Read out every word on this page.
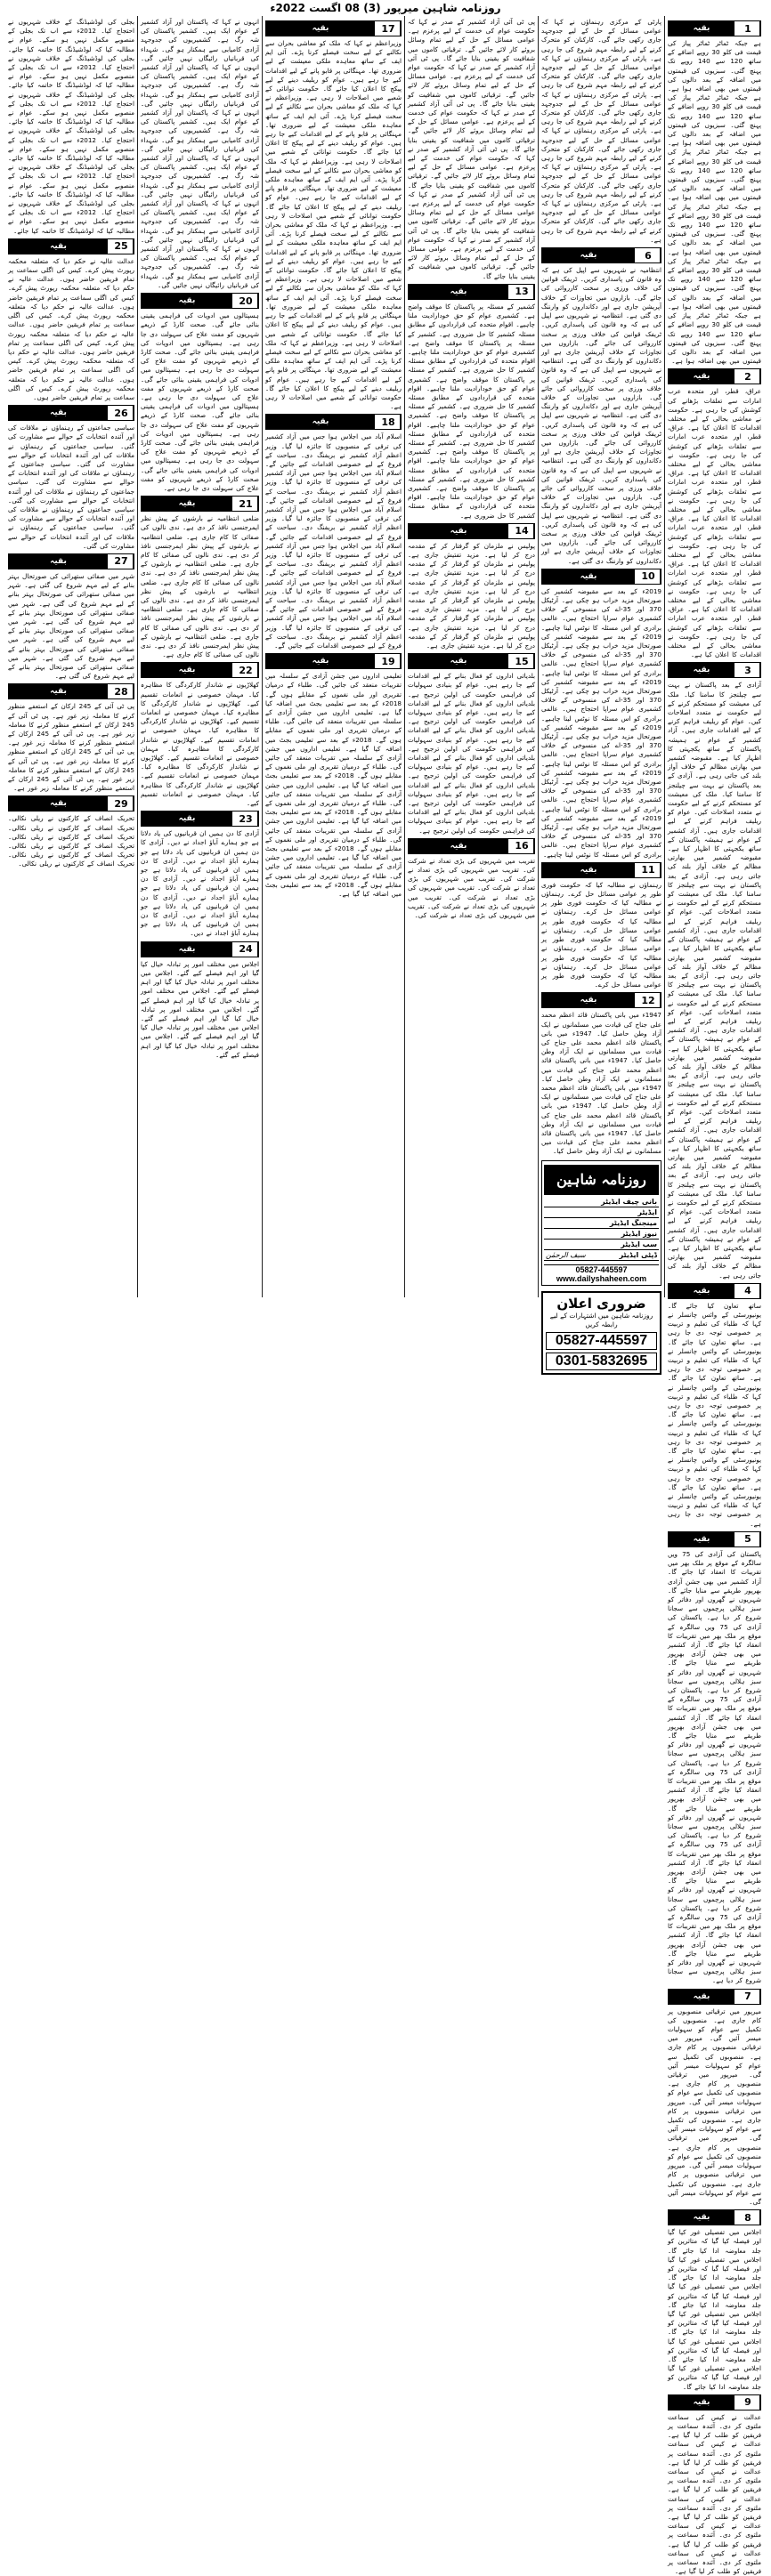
روزنامہ شاہین میرپور (3) 08 اگست 2022ء
1
بقیہ
ہے جبکہ ٹماٹر ٹماٹر پیاز کی قیمت فی کلو 30 روپے اضافے کے ساتھ 120 سے 140 روپے تک پہنچ گئی۔ سبزیوں کی قیمتوں میں اضافہ کے بعد دالوں کی قیمتوں میں بھی اضافہ ہوا ہے۔ ہے جبکہ ٹماٹر ٹماٹر پیاز کی قیمت فی کلو 30 روپے اضافے کے ساتھ 120 سے 140 روپے تک پہنچ گئی۔ سبزیوں کی قیمتوں میں اضافہ کے بعد دالوں کی قیمتوں میں بھی اضافہ ہوا ہے۔ ہے جبکہ ٹماٹر ٹماٹر پیاز کی قیمت فی کلو 30 روپے اضافے کے ساتھ 120 سے 140 روپے تک پہنچ گئی۔ سبزیوں کی قیمتوں میں اضافہ کے بعد دالوں کی قیمتوں میں بھی اضافہ ہوا ہے۔ ہے جبکہ ٹماٹر ٹماٹر پیاز کی قیمت فی کلو 30 روپے اضافے کے ساتھ 120 سے 140 روپے تک پہنچ گئی۔ سبزیوں کی قیمتوں میں اضافہ کے بعد دالوں کی قیمتوں میں بھی اضافہ ہوا ہے۔ ہے جبکہ ٹماٹر ٹماٹر پیاز کی قیمت فی کلو 30 روپے اضافے کے ساتھ 120 سے 140 روپے تک پہنچ گئی۔ سبزیوں کی قیمتوں میں اضافہ کے بعد دالوں کی قیمتوں میں بھی اضافہ ہوا ہے۔ ہے جبکہ ٹماٹر ٹماٹر پیاز کی قیمت فی کلو 30 روپے اضافے کے ساتھ 120 سے 140 روپے تک پہنچ گئی۔ سبزیوں کی قیمتوں میں اضافہ کے بعد دالوں کی قیمتوں میں بھی اضافہ ہوا ہے۔
2
بقیہ
عراق، قطر، اور متحدہ عرب امارات سے تعلقات بڑھانے کی کوشش کی جا رہی ہے۔ حکومت نے معاشی بحالی کے لیے مختلف اقدامات کا اعلان کیا ہے۔ عراق، قطر، اور متحدہ عرب امارات سے تعلقات بڑھانے کی کوشش کی جا رہی ہے۔ حکومت نے معاشی بحالی کے لیے مختلف اقدامات کا اعلان کیا ہے۔ عراق، قطر، اور متحدہ عرب امارات سے تعلقات بڑھانے کی کوشش کی جا رہی ہے۔ حکومت نے معاشی بحالی کے لیے مختلف اقدامات کا اعلان کیا ہے۔ عراق، قطر، اور متحدہ عرب امارات سے تعلقات بڑھانے کی کوشش کی جا رہی ہے۔ حکومت نے معاشی بحالی کے لیے مختلف اقدامات کا اعلان کیا ہے۔ عراق، قطر، اور متحدہ عرب امارات سے تعلقات بڑھانے کی کوشش کی جا رہی ہے۔ حکومت نے معاشی بحالی کے لیے مختلف اقدامات کا اعلان کیا ہے۔ عراق، قطر، اور متحدہ عرب امارات سے تعلقات بڑھانے کی کوشش کی جا رہی ہے۔ حکومت نے معاشی بحالی کے لیے مختلف اقدامات کا اعلان کیا ہے۔
3
بقیہ
آزادی کے بعد پاکستان نے بہت سے چیلنجز کا سامنا کیا۔ ملک کی معیشت کو مستحکم کرنے کے لیے حکومت نے متعدد اصلاحات کیں۔ عوام کو ریلیف فراہم کرنے کے لیے اقدامات جاری ہیں۔ آزاد کشمیر کے عوام نے ہمیشہ پاکستان کے ساتھ یکجہتی کا اظہار کیا ہے۔ مقبوضہ کشمیر میں بھارتی مظالم کے خلاف آواز بلند کی جاتی رہی ہے۔ آزادی کے بعد پاکستان نے بہت سے چیلنجز کا سامنا کیا۔ ملک کی معیشت کو مستحکم کرنے کے لیے حکومت نے متعدد اصلاحات کیں۔ عوام کو ریلیف فراہم کرنے کے لیے اقدامات جاری ہیں۔ آزاد کشمیر کے عوام نے ہمیشہ پاکستان کے ساتھ یکجہتی کا اظہار کیا ہے۔ مقبوضہ کشمیر میں بھارتی مظالم کے خلاف آواز بلند کی جاتی رہی ہے۔ آزادی کے بعد پاکستان نے بہت سے چیلنجز کا سامنا کیا۔ ملک کی معیشت کو مستحکم کرنے کے لیے حکومت نے متعدد اصلاحات کیں۔ عوام کو ریلیف فراہم کرنے کے لیے اقدامات جاری ہیں۔ آزاد کشمیر کے عوام نے ہمیشہ پاکستان کے ساتھ یکجہتی کا اظہار کیا ہے۔ مقبوضہ کشمیر میں بھارتی مظالم کے خلاف آواز بلند کی جاتی رہی ہے۔ آزادی کے بعد پاکستان نے بہت سے چیلنجز کا سامنا کیا۔ ملک کی معیشت کو مستحکم کرنے کے لیے حکومت نے متعدد اصلاحات کیں۔ عوام کو ریلیف فراہم کرنے کے لیے اقدامات جاری ہیں۔ آزاد کشمیر کے عوام نے ہمیشہ پاکستان کے ساتھ یکجہتی کا اظہار کیا ہے۔ مقبوضہ کشمیر میں بھارتی مظالم کے خلاف آواز بلند کی جاتی رہی ہے۔ آزادی کے بعد پاکستان نے بہت سے چیلنجز کا سامنا کیا۔ ملک کی معیشت کو مستحکم کرنے کے لیے حکومت نے متعدد اصلاحات کیں۔ عوام کو ریلیف فراہم کرنے کے لیے اقدامات جاری ہیں۔ آزاد کشمیر کے عوام نے ہمیشہ پاکستان کے ساتھ یکجہتی کا اظہار کیا ہے۔ مقبوضہ کشمیر میں بھارتی مظالم کے خلاف آواز بلند کی جاتی رہی ہے۔ آزادی کے بعد پاکستان نے بہت سے چیلنجز کا سامنا کیا۔ ملک کی معیشت کو مستحکم کرنے کے لیے حکومت نے متعدد اصلاحات کیں۔ عوام کو ریلیف فراہم کرنے کے لیے اقدامات جاری ہیں۔ آزاد کشمیر کے عوام نے ہمیشہ پاکستان کے ساتھ یکجہتی کا اظہار کیا ہے۔ مقبوضہ کشمیر میں بھارتی مظالم کے خلاف آواز بلند کی جاتی رہی ہے۔
4
بقیہ
ساتھ تعاون کیا جائے گا۔ یونیورسٹی کے وائس چانسلر نے کہا کہ طلباء کی تعلیم و تربیت پر خصوصی توجہ دی جا رہی ہے۔ ساتھ تعاون کیا جائے گا۔ یونیورسٹی کے وائس چانسلر نے کہا کہ طلباء کی تعلیم و تربیت پر خصوصی توجہ دی جا رہی ہے۔ ساتھ تعاون کیا جائے گا۔ یونیورسٹی کے وائس چانسلر نے کہا کہ طلباء کی تعلیم و تربیت پر خصوصی توجہ دی جا رہی ہے۔ ساتھ تعاون کیا جائے گا۔ یونیورسٹی کے وائس چانسلر نے کہا کہ طلباء کی تعلیم و تربیت پر خصوصی توجہ دی جا رہی ہے۔ ساتھ تعاون کیا جائے گا۔ یونیورسٹی کے وائس چانسلر نے کہا کہ طلباء کی تعلیم و تربیت پر خصوصی توجہ دی جا رہی ہے۔ ساتھ تعاون کیا جائے گا۔ یونیورسٹی کے وائس چانسلر نے کہا کہ طلباء کی تعلیم و تربیت پر خصوصی توجہ دی جا رہی ہے۔
5
بقیہ
پاکستان کی آزادی کی 75 ویں سالگرہ کے موقع پر ملک بھر میں تقریبات کا انعقاد کیا جائے گا۔ آزاد کشمیر میں بھی جشن آزادی بھرپور طریقے سے منایا جائے گا۔ شہریوں نے گھروں اور دفاتر کو سبز ہلالی پرچموں سے سجانا شروع کر دیا ہے۔ پاکستان کی آزادی کی 75 ویں سالگرہ کے موقع پر ملک بھر میں تقریبات کا انعقاد کیا جائے گا۔ آزاد کشمیر میں بھی جشن آزادی بھرپور طریقے سے منایا جائے گا۔ شہریوں نے گھروں اور دفاتر کو سبز ہلالی پرچموں سے سجانا شروع کر دیا ہے۔ پاکستان کی آزادی کی 75 ویں سالگرہ کے موقع پر ملک بھر میں تقریبات کا انعقاد کیا جائے گا۔ آزاد کشمیر میں بھی جشن آزادی بھرپور طریقے سے منایا جائے گا۔ شہریوں نے گھروں اور دفاتر کو سبز ہلالی پرچموں سے سجانا شروع کر دیا ہے۔ پاکستان کی آزادی کی 75 ویں سالگرہ کے موقع پر ملک بھر میں تقریبات کا انعقاد کیا جائے گا۔ آزاد کشمیر میں بھی جشن آزادی بھرپور طریقے سے منایا جائے گا۔ شہریوں نے گھروں اور دفاتر کو سبز ہلالی پرچموں سے سجانا شروع کر دیا ہے۔ پاکستان کی آزادی کی 75 ویں سالگرہ کے موقع پر ملک بھر میں تقریبات کا انعقاد کیا جائے گا۔ آزاد کشمیر میں بھی جشن آزادی بھرپور طریقے سے منایا جائے گا۔ شہریوں نے گھروں اور دفاتر کو سبز ہلالی پرچموں سے سجانا شروع کر دیا ہے۔ پاکستان کی آزادی کی 75 ویں سالگرہ کے موقع پر ملک بھر میں تقریبات کا انعقاد کیا جائے گا۔ آزاد کشمیر میں بھی جشن آزادی بھرپور طریقے سے منایا جائے گا۔ شہریوں نے گھروں اور دفاتر کو سبز ہلالی پرچموں سے سجانا شروع کر دیا ہے۔
7
بقیہ
میرپور میں ترقیاتی منصوبوں پر کام جاری ہے۔ منصوبوں کی تکمیل سے عوام کو سہولیات میسر آئیں گی۔ میرپور میں ترقیاتی منصوبوں پر کام جاری ہے۔ منصوبوں کی تکمیل سے عوام کو سہولیات میسر آئیں گی۔ میرپور میں ترقیاتی منصوبوں پر کام جاری ہے۔ منصوبوں کی تکمیل سے عوام کو سہولیات میسر آئیں گی۔ میرپور میں ترقیاتی منصوبوں پر کام جاری ہے۔ منصوبوں کی تکمیل سے عوام کو سہولیات میسر آئیں گی۔ میرپور میں ترقیاتی منصوبوں پر کام جاری ہے۔ منصوبوں کی تکمیل سے عوام کو سہولیات میسر آئیں گی۔ میرپور میں ترقیاتی منصوبوں پر کام جاری ہے۔ منصوبوں کی تکمیل سے عوام کو سہولیات میسر آئیں گی۔
8
بقیہ
اجلاس میں تفصیلی غور کیا گیا اور فیصلہ کیا گیا کہ متاثرین کو جلد معاوضہ ادا کیا جائے گا۔ اجلاس میں تفصیلی غور کیا گیا اور فیصلہ کیا گیا کہ متاثرین کو جلد معاوضہ ادا کیا جائے گا۔ اجلاس میں تفصیلی غور کیا گیا اور فیصلہ کیا گیا کہ متاثرین کو جلد معاوضہ ادا کیا جائے گا۔ اجلاس میں تفصیلی غور کیا گیا اور فیصلہ کیا گیا کہ متاثرین کو جلد معاوضہ ادا کیا جائے گا۔ اجلاس میں تفصیلی غور کیا گیا اور فیصلہ کیا گیا کہ متاثرین کو جلد معاوضہ ادا کیا جائے گا۔ اجلاس میں تفصیلی غور کیا گیا اور فیصلہ کیا گیا کہ متاثرین کو جلد معاوضہ ادا کیا جائے گا۔
9
بقیہ
عدالت نے کیس کی سماعت ملتوی کر دی۔ آئندہ سماعت پر فریقین کو طلب کر لیا گیا ہے۔ عدالت نے کیس کی سماعت ملتوی کر دی۔ آئندہ سماعت پر فریقین کو طلب کر لیا گیا ہے۔ عدالت نے کیس کی سماعت ملتوی کر دی۔ آئندہ سماعت پر فریقین کو طلب کر لیا گیا ہے۔ عدالت نے کیس کی سماعت ملتوی کر دی۔ آئندہ سماعت پر فریقین کو طلب کر لیا گیا ہے۔ عدالت نے کیس کی سماعت ملتوی کر دی۔ آئندہ سماعت پر فریقین کو طلب کر لیا گیا ہے۔ عدالت نے کیس کی سماعت ملتوی کر دی۔ آئندہ سماعت پر فریقین کو طلب کر لیا گیا ہے۔
پارٹی کے مرکزی رہنماؤں نے کہا کہ عوامی مسائل کے حل کے لیے جدوجہد جاری رکھی جائے گی۔ کارکنان کو متحرک کرنے کے لیے رابطہ مہم شروع کی جا رہی ہے۔ پارٹی کے مرکزی رہنماؤں نے کہا کہ عوامی مسائل کے حل کے لیے جدوجہد جاری رکھی جائے گی۔ کارکنان کو متحرک کرنے کے لیے رابطہ مہم شروع کی جا رہی ہے۔ پارٹی کے مرکزی رہنماؤں نے کہا کہ عوامی مسائل کے حل کے لیے جدوجہد جاری رکھی جائے گی۔ کارکنان کو متحرک کرنے کے لیے رابطہ مہم شروع کی جا رہی ہے۔ پارٹی کے مرکزی رہنماؤں نے کہا کہ عوامی مسائل کے حل کے لیے جدوجہد جاری رکھی جائے گی۔ کارکنان کو متحرک کرنے کے لیے رابطہ مہم شروع کی جا رہی ہے۔ پارٹی کے مرکزی رہنماؤں نے کہا کہ عوامی مسائل کے حل کے لیے جدوجہد جاری رکھی جائے گی۔ کارکنان کو متحرک کرنے کے لیے رابطہ مہم شروع کی جا رہی ہے۔ پارٹی کے مرکزی رہنماؤں نے کہا کہ عوامی مسائل کے حل کے لیے جدوجہد جاری رکھی جائے گی۔ کارکنان کو متحرک کرنے کے لیے رابطہ مہم شروع کی جا رہی ہے۔
6
بقیہ
انتظامیہ نے شہریوں سے اپیل کی ہے کہ وہ قانون کی پاسداری کریں۔ ٹریفک قوانین کی خلاف ورزی پر سخت کارروائی کی جائے گی۔ بازاروں میں تجاوزات کے خلاف آپریشن جاری ہے اور دکانداروں کو وارننگ دی گئی ہے۔ انتظامیہ نے شہریوں سے اپیل کی ہے کہ وہ قانون کی پاسداری کریں۔ ٹریفک قوانین کی خلاف ورزی پر سخت کارروائی کی جائے گی۔ بازاروں میں تجاوزات کے خلاف آپریشن جاری ہے اور دکانداروں کو وارننگ دی گئی ہے۔ انتظامیہ نے شہریوں سے اپیل کی ہے کہ وہ قانون کی پاسداری کریں۔ ٹریفک قوانین کی خلاف ورزی پر سخت کارروائی کی جائے گی۔ بازاروں میں تجاوزات کے خلاف آپریشن جاری ہے اور دکانداروں کو وارننگ دی گئی ہے۔ انتظامیہ نے شہریوں سے اپیل کی ہے کہ وہ قانون کی پاسداری کریں۔ ٹریفک قوانین کی خلاف ورزی پر سخت کارروائی کی جائے گی۔ بازاروں میں تجاوزات کے خلاف آپریشن جاری ہے اور دکانداروں کو وارننگ دی گئی ہے۔ انتظامیہ نے شہریوں سے اپیل کی ہے کہ وہ قانون کی پاسداری کریں۔ ٹریفک قوانین کی خلاف ورزی پر سخت کارروائی کی جائے گی۔ بازاروں میں تجاوزات کے خلاف آپریشن جاری ہے اور دکانداروں کو وارننگ دی گئی ہے۔ انتظامیہ نے شہریوں سے اپیل کی ہے کہ وہ قانون کی پاسداری کریں۔ ٹریفک قوانین کی خلاف ورزی پر سخت کارروائی کی جائے گی۔ بازاروں میں تجاوزات کے خلاف آپریشن جاری ہے اور دکانداروں کو وارننگ دی گئی ہے۔
10
بقیہ
2019ء کے بعد سے مقبوضہ کشمیر کی صورتحال مزید خراب ہو چکی ہے۔ آرٹیکل 370 اور 35-اے کی منسوخی کے خلاف کشمیری عوام سراپا احتجاج ہیں۔ عالمی برادری کو اس مسئلہ کا نوٹس لینا چاہیے۔ 2019ء کے بعد سے مقبوضہ کشمیر کی صورتحال مزید خراب ہو چکی ہے۔ آرٹیکل 370 اور 35-اے کی منسوخی کے خلاف کشمیری عوام سراپا احتجاج ہیں۔ عالمی برادری کو اس مسئلہ کا نوٹس لینا چاہیے۔ 2019ء کے بعد سے مقبوضہ کشمیر کی صورتحال مزید خراب ہو چکی ہے۔ آرٹیکل 370 اور 35-اے کی منسوخی کے خلاف کشمیری عوام سراپا احتجاج ہیں۔ عالمی برادری کو اس مسئلہ کا نوٹس لینا چاہیے۔ 2019ء کے بعد سے مقبوضہ کشمیر کی صورتحال مزید خراب ہو چکی ہے۔ آرٹیکل 370 اور 35-اے کی منسوخی کے خلاف کشمیری عوام سراپا احتجاج ہیں۔ عالمی برادری کو اس مسئلہ کا نوٹس لینا چاہیے۔ 2019ء کے بعد سے مقبوضہ کشمیر کی صورتحال مزید خراب ہو چکی ہے۔ آرٹیکل 370 اور 35-اے کی منسوخی کے خلاف کشمیری عوام سراپا احتجاج ہیں۔ عالمی برادری کو اس مسئلہ کا نوٹس لینا چاہیے۔ 2019ء کے بعد سے مقبوضہ کشمیر کی صورتحال مزید خراب ہو چکی ہے۔ آرٹیکل 370 اور 35-اے کی منسوخی کے خلاف کشمیری عوام سراپا احتجاج ہیں۔ عالمی برادری کو اس مسئلہ کا نوٹس لینا چاہیے۔
11
بقیہ
رہنماؤں نے مطالبہ کیا کہ حکومت فوری طور پر عوامی مسائل حل کرے۔ رہنماؤں نے مطالبہ کیا کہ حکومت فوری طور پر عوامی مسائل حل کرے۔ رہنماؤں نے مطالبہ کیا کہ حکومت فوری طور پر عوامی مسائل حل کرے۔ رہنماؤں نے مطالبہ کیا کہ حکومت فوری طور پر عوامی مسائل حل کرے۔ رہنماؤں نے مطالبہ کیا کہ حکومت فوری طور پر عوامی مسائل حل کرے۔ رہنماؤں نے مطالبہ کیا کہ حکومت فوری طور پر عوامی مسائل حل کرے۔
12
بقیہ
1947ء میں بانی پاکستان قائد اعظم محمد علی جناح کی قیادت میں مسلمانوں نے ایک آزاد وطن حاصل کیا۔ 1947ء میں بانی پاکستان قائد اعظم محمد علی جناح کی قیادت میں مسلمانوں نے ایک آزاد وطن حاصل کیا۔ 1947ء میں بانی پاکستان قائد اعظم محمد علی جناح کی قیادت میں مسلمانوں نے ایک آزاد وطن حاصل کیا۔ 1947ء میں بانی پاکستان قائد اعظم محمد علی جناح کی قیادت میں مسلمانوں نے ایک آزاد وطن حاصل کیا۔ 1947ء میں بانی پاکستان قائد اعظم محمد علی جناح کی قیادت میں مسلمانوں نے ایک آزاد وطن حاصل کیا۔ 1947ء میں بانی پاکستان قائد اعظم محمد علی جناح کی قیادت میں مسلمانوں نے ایک آزاد وطن حاصل کیا۔
روزنامہ شاہین
بانی چیف ایڈیٹر
ایڈیٹر
مینجنگ ایڈیٹر
نیوز ایڈیٹر
سب ایڈیٹر
ڈپٹی ایڈیٹر
سیف الرحمٰن
05827-445597 www.dailyshaheen.com
ضروری اعلان
روزنامہ شاہین میں اشتہارات کے لیے رابطہ کریں
05827-445597
0301-5832695
پی ٹی آئی آزاد کشمیر کے صدر نے کہا کہ حکومت عوام کی خدمت کے لیے پرعزم ہے۔ عوامی مسائل کے حل کے لیے تمام وسائل بروئے کار لائے جائیں گے۔ ترقیاتی کاموں میں شفافیت کو یقینی بنایا جائے گا۔ پی ٹی آئی آزاد کشمیر کے صدر نے کہا کہ حکومت عوام کی خدمت کے لیے پرعزم ہے۔ عوامی مسائل کے حل کے لیے تمام وسائل بروئے کار لائے جائیں گے۔ ترقیاتی کاموں میں شفافیت کو یقینی بنایا جائے گا۔ پی ٹی آئی آزاد کشمیر کے صدر نے کہا کہ حکومت عوام کی خدمت کے لیے پرعزم ہے۔ عوامی مسائل کے حل کے لیے تمام وسائل بروئے کار لائے جائیں گے۔ ترقیاتی کاموں میں شفافیت کو یقینی بنایا جائے گا۔ پی ٹی آئی آزاد کشمیر کے صدر نے کہا کہ حکومت عوام کی خدمت کے لیے پرعزم ہے۔ عوامی مسائل کے حل کے لیے تمام وسائل بروئے کار لائے جائیں گے۔ ترقیاتی کاموں میں شفافیت کو یقینی بنایا جائے گا۔ پی ٹی آئی آزاد کشمیر کے صدر نے کہا کہ حکومت عوام کی خدمت کے لیے پرعزم ہے۔ عوامی مسائل کے حل کے لیے تمام وسائل بروئے کار لائے جائیں گے۔ ترقیاتی کاموں میں شفافیت کو یقینی بنایا جائے گا۔ پی ٹی آئی آزاد کشمیر کے صدر نے کہا کہ حکومت عوام کی خدمت کے لیے پرعزم ہے۔ عوامی مسائل کے حل کے لیے تمام وسائل بروئے کار لائے جائیں گے۔ ترقیاتی کاموں میں شفافیت کو یقینی بنایا جائے گا۔
13
بقیہ
کشمیر کے مسئلہ پر پاکستان کا موقف واضح ہے۔ کشمیری عوام کو حق خودارادیت ملنا چاہیے۔ اقوام متحدہ کی قراردادوں کے مطابق مسئلہ کشمیر کا حل ضروری ہے۔ کشمیر کے مسئلہ پر پاکستان کا موقف واضح ہے۔ کشمیری عوام کو حق خودارادیت ملنا چاہیے۔ اقوام متحدہ کی قراردادوں کے مطابق مسئلہ کشمیر کا حل ضروری ہے۔ کشمیر کے مسئلہ پر پاکستان کا موقف واضح ہے۔ کشمیری عوام کو حق خودارادیت ملنا چاہیے۔ اقوام متحدہ کی قراردادوں کے مطابق مسئلہ کشمیر کا حل ضروری ہے۔ کشمیر کے مسئلہ پر پاکستان کا موقف واضح ہے۔ کشمیری عوام کو حق خودارادیت ملنا چاہیے۔ اقوام متحدہ کی قراردادوں کے مطابق مسئلہ کشمیر کا حل ضروری ہے۔ کشمیر کے مسئلہ پر پاکستان کا موقف واضح ہے۔ کشمیری عوام کو حق خودارادیت ملنا چاہیے۔ اقوام متحدہ کی قراردادوں کے مطابق مسئلہ کشمیر کا حل ضروری ہے۔ کشمیر کے مسئلہ پر پاکستان کا موقف واضح ہے۔ کشمیری عوام کو حق خودارادیت ملنا چاہیے۔ اقوام متحدہ کی قراردادوں کے مطابق مسئلہ کشمیر کا حل ضروری ہے۔
14
بقیہ
پولیس نے ملزمان کو گرفتار کر کے مقدمہ درج کر لیا ہے۔ مزید تفتیش جاری ہے۔ پولیس نے ملزمان کو گرفتار کر کے مقدمہ درج کر لیا ہے۔ مزید تفتیش جاری ہے۔ پولیس نے ملزمان کو گرفتار کر کے مقدمہ درج کر لیا ہے۔ مزید تفتیش جاری ہے۔ پولیس نے ملزمان کو گرفتار کر کے مقدمہ درج کر لیا ہے۔ مزید تفتیش جاری ہے۔ پولیس نے ملزمان کو گرفتار کر کے مقدمہ درج کر لیا ہے۔ مزید تفتیش جاری ہے۔ پولیس نے ملزمان کو گرفتار کر کے مقدمہ درج کر لیا ہے۔ مزید تفتیش جاری ہے۔
15
بقیہ
بلدیاتی اداروں کو فعال بنانے کے لیے اقدامات کیے جا رہے ہیں۔ عوام کو بنیادی سہولیات کی فراہمی حکومت کی اولین ترجیح ہے۔ بلدیاتی اداروں کو فعال بنانے کے لیے اقدامات کیے جا رہے ہیں۔ عوام کو بنیادی سہولیات کی فراہمی حکومت کی اولین ترجیح ہے۔ بلدیاتی اداروں کو فعال بنانے کے لیے اقدامات کیے جا رہے ہیں۔ عوام کو بنیادی سہولیات کی فراہمی حکومت کی اولین ترجیح ہے۔ بلدیاتی اداروں کو فعال بنانے کے لیے اقدامات کیے جا رہے ہیں۔ عوام کو بنیادی سہولیات کی فراہمی حکومت کی اولین ترجیح ہے۔ بلدیاتی اداروں کو فعال بنانے کے لیے اقدامات کیے جا رہے ہیں۔ عوام کو بنیادی سہولیات کی فراہمی حکومت کی اولین ترجیح ہے۔ بلدیاتی اداروں کو فعال بنانے کے لیے اقدامات کیے جا رہے ہیں۔ عوام کو بنیادی سہولیات کی فراہمی حکومت کی اولین ترجیح ہے۔
16
بقیہ
تقریب میں شہریوں کی بڑی تعداد نے شرکت کی۔ تقریب میں شہریوں کی بڑی تعداد نے شرکت کی۔ تقریب میں شہریوں کی بڑی تعداد نے شرکت کی۔ تقریب میں شہریوں کی بڑی تعداد نے شرکت کی۔ تقریب میں شہریوں کی بڑی تعداد نے شرکت کی۔ تقریب میں شہریوں کی بڑی تعداد نے شرکت کی۔
17
بقیہ
وزیراعظم نے کہا کہ ملک کو معاشی بحران سے نکالنے کے لیے سخت فیصلے کرنا پڑے۔ آئی ایم ایف کے ساتھ معاہدہ ملکی معیشت کے لیے ضروری تھا۔ مہنگائی پر قابو پانے کے لیے اقدامات کیے جا رہے ہیں۔ عوام کو ریلیف دینے کے لیے پیکج کا اعلان کیا جائے گا۔ حکومت توانائی کے شعبے میں اصلاحات لا رہی ہے۔ وزیراعظم نے کہا کہ ملک کو معاشی بحران سے نکالنے کے لیے سخت فیصلے کرنا پڑے۔ آئی ایم ایف کے ساتھ معاہدہ ملکی معیشت کے لیے ضروری تھا۔ مہنگائی پر قابو پانے کے لیے اقدامات کیے جا رہے ہیں۔ عوام کو ریلیف دینے کے لیے پیکج کا اعلان کیا جائے گا۔ حکومت توانائی کے شعبے میں اصلاحات لا رہی ہے۔ وزیراعظم نے کہا کہ ملک کو معاشی بحران سے نکالنے کے لیے سخت فیصلے کرنا پڑے۔ آئی ایم ایف کے ساتھ معاہدہ ملکی معیشت کے لیے ضروری تھا۔ مہنگائی پر قابو پانے کے لیے اقدامات کیے جا رہے ہیں۔ عوام کو ریلیف دینے کے لیے پیکج کا اعلان کیا جائے گا۔ حکومت توانائی کے شعبے میں اصلاحات لا رہی ہے۔ وزیراعظم نے کہا کہ ملک کو معاشی بحران سے نکالنے کے لیے سخت فیصلے کرنا پڑے۔ آئی ایم ایف کے ساتھ معاہدہ ملکی معیشت کے لیے ضروری تھا۔ مہنگائی پر قابو پانے کے لیے اقدامات کیے جا رہے ہیں۔ عوام کو ریلیف دینے کے لیے پیکج کا اعلان کیا جائے گا۔ حکومت توانائی کے شعبے میں اصلاحات لا رہی ہے۔ وزیراعظم نے کہا کہ ملک کو معاشی بحران سے نکالنے کے لیے سخت فیصلے کرنا پڑے۔ آئی ایم ایف کے ساتھ معاہدہ ملکی معیشت کے لیے ضروری تھا۔ مہنگائی پر قابو پانے کے لیے اقدامات کیے جا رہے ہیں۔ عوام کو ریلیف دینے کے لیے پیکج کا اعلان کیا جائے گا۔ حکومت توانائی کے شعبے میں اصلاحات لا رہی ہے۔ وزیراعظم نے کہا کہ ملک کو معاشی بحران سے نکالنے کے لیے سخت فیصلے کرنا پڑے۔ آئی ایم ایف کے ساتھ معاہدہ ملکی معیشت کے لیے ضروری تھا۔ مہنگائی پر قابو پانے کے لیے اقدامات کیے جا رہے ہیں۔ عوام کو ریلیف دینے کے لیے پیکج کا اعلان کیا جائے گا۔ حکومت توانائی کے شعبے میں اصلاحات لا رہی ہے۔
18
بقیہ
اسلام آباد میں اجلاس ہوا جس میں آزاد کشمیر کی ترقی کے منصوبوں کا جائزہ لیا گیا۔ وزیر اعظم آزاد کشمیر نے بریفنگ دی۔ سیاحت کے فروغ کے لیے خصوصی اقدامات کیے جائیں گے۔ اسلام آباد میں اجلاس ہوا جس میں آزاد کشمیر کی ترقی کے منصوبوں کا جائزہ لیا گیا۔ وزیر اعظم آزاد کشمیر نے بریفنگ دی۔ سیاحت کے فروغ کے لیے خصوصی اقدامات کیے جائیں گے۔ اسلام آباد میں اجلاس ہوا جس میں آزاد کشمیر کی ترقی کے منصوبوں کا جائزہ لیا گیا۔ وزیر اعظم آزاد کشمیر نے بریفنگ دی۔ سیاحت کے فروغ کے لیے خصوصی اقدامات کیے جائیں گے۔ اسلام آباد میں اجلاس ہوا جس میں آزاد کشمیر کی ترقی کے منصوبوں کا جائزہ لیا گیا۔ وزیر اعظم آزاد کشمیر نے بریفنگ دی۔ سیاحت کے فروغ کے لیے خصوصی اقدامات کیے جائیں گے۔ اسلام آباد میں اجلاس ہوا جس میں آزاد کشمیر کی ترقی کے منصوبوں کا جائزہ لیا گیا۔ وزیر اعظم آزاد کشمیر نے بریفنگ دی۔ سیاحت کے فروغ کے لیے خصوصی اقدامات کیے جائیں گے۔ اسلام آباد میں اجلاس ہوا جس میں آزاد کشمیر کی ترقی کے منصوبوں کا جائزہ لیا گیا۔ وزیر اعظم آزاد کشمیر نے بریفنگ دی۔ سیاحت کے فروغ کے لیے خصوصی اقدامات کیے جائیں گے۔
19
بقیہ
تعلیمی اداروں میں جشن آزادی کے سلسلہ میں تقریبات منعقد کی جائیں گی۔ طلباء کے درمیان تقریری اور ملی نغموں کے مقابلے ہوں گے۔ 2018ء کے بعد سے تعلیمی بجٹ میں اضافہ کیا گیا ہے۔ تعلیمی اداروں میں جشن آزادی کے سلسلہ میں تقریبات منعقد کی جائیں گی۔ طلباء کے درمیان تقریری اور ملی نغموں کے مقابلے ہوں گے۔ 2018ء کے بعد سے تعلیمی بجٹ میں اضافہ کیا گیا ہے۔ تعلیمی اداروں میں جشن آزادی کے سلسلہ میں تقریبات منعقد کی جائیں گی۔ طلباء کے درمیان تقریری اور ملی نغموں کے مقابلے ہوں گے۔ 2018ء کے بعد سے تعلیمی بجٹ میں اضافہ کیا گیا ہے۔ تعلیمی اداروں میں جشن آزادی کے سلسلہ میں تقریبات منعقد کی جائیں گی۔ طلباء کے درمیان تقریری اور ملی نغموں کے مقابلے ہوں گے۔ 2018ء کے بعد سے تعلیمی بجٹ میں اضافہ کیا گیا ہے۔ تعلیمی اداروں میں جشن آزادی کے سلسلہ میں تقریبات منعقد کی جائیں گی۔ طلباء کے درمیان تقریری اور ملی نغموں کے مقابلے ہوں گے۔ 2018ء کے بعد سے تعلیمی بجٹ میں اضافہ کیا گیا ہے۔ تعلیمی اداروں میں جشن آزادی کے سلسلہ میں تقریبات منعقد کی جائیں گی۔ طلباء کے درمیان تقریری اور ملی نغموں کے مقابلے ہوں گے۔ 2018ء کے بعد سے تعلیمی بجٹ میں اضافہ کیا گیا ہے۔
انہوں نے کہا کہ پاکستان اور آزاد کشمیر کے عوام ایک ہیں۔ کشمیر پاکستان کی شہ رگ ہے۔ کشمیریوں کی جدوجہد آزادی کامیابی سے ہمکنار ہو گی۔ شہداء کی قربانیاں رائیگاں نہیں جائیں گی۔ انہوں نے کہا کہ پاکستان اور آزاد کشمیر کے عوام ایک ہیں۔ کشمیر پاکستان کی شہ رگ ہے۔ کشمیریوں کی جدوجہد آزادی کامیابی سے ہمکنار ہو گی۔ شہداء کی قربانیاں رائیگاں نہیں جائیں گی۔ انہوں نے کہا کہ پاکستان اور آزاد کشمیر کے عوام ایک ہیں۔ کشمیر پاکستان کی شہ رگ ہے۔ کشمیریوں کی جدوجہد آزادی کامیابی سے ہمکنار ہو گی۔ شہداء کی قربانیاں رائیگاں نہیں جائیں گی۔ انہوں نے کہا کہ پاکستان اور آزاد کشمیر کے عوام ایک ہیں۔ کشمیر پاکستان کی شہ رگ ہے۔ کشمیریوں کی جدوجہد آزادی کامیابی سے ہمکنار ہو گی۔ شہداء کی قربانیاں رائیگاں نہیں جائیں گی۔ انہوں نے کہا کہ پاکستان اور آزاد کشمیر کے عوام ایک ہیں۔ کشمیر پاکستان کی شہ رگ ہے۔ کشمیریوں کی جدوجہد آزادی کامیابی سے ہمکنار ہو گی۔ شہداء کی قربانیاں رائیگاں نہیں جائیں گی۔ انہوں نے کہا کہ پاکستان اور آزاد کشمیر کے عوام ایک ہیں۔ کشمیر پاکستان کی شہ رگ ہے۔ کشمیریوں کی جدوجہد آزادی کامیابی سے ہمکنار ہو گی۔ شہداء کی قربانیاں رائیگاں نہیں جائیں گی۔
20
بقیہ
ہسپتالوں میں ادویات کی فراہمی یقینی بنائی جائے گی۔ صحت کارڈ کے ذریعے شہریوں کو مفت علاج کی سہولت دی جا رہی ہے۔ ہسپتالوں میں ادویات کی فراہمی یقینی بنائی جائے گی۔ صحت کارڈ کے ذریعے شہریوں کو مفت علاج کی سہولت دی جا رہی ہے۔ ہسپتالوں میں ادویات کی فراہمی یقینی بنائی جائے گی۔ صحت کارڈ کے ذریعے شہریوں کو مفت علاج کی سہولت دی جا رہی ہے۔ ہسپتالوں میں ادویات کی فراہمی یقینی بنائی جائے گی۔ صحت کارڈ کے ذریعے شہریوں کو مفت علاج کی سہولت دی جا رہی ہے۔ ہسپتالوں میں ادویات کی فراہمی یقینی بنائی جائے گی۔ صحت کارڈ کے ذریعے شہریوں کو مفت علاج کی سہولت دی جا رہی ہے۔ ہسپتالوں میں ادویات کی فراہمی یقینی بنائی جائے گی۔ صحت کارڈ کے ذریعے شہریوں کو مفت علاج کی سہولت دی جا رہی ہے۔
21
بقیہ
ضلعی انتظامیہ نے بارشوں کے پیش نظر ایمرجنسی نافذ کر دی ہے۔ ندی نالوں کی صفائی کا کام جاری ہے۔ ضلعی انتظامیہ نے بارشوں کے پیش نظر ایمرجنسی نافذ کر دی ہے۔ ندی نالوں کی صفائی کا کام جاری ہے۔ ضلعی انتظامیہ نے بارشوں کے پیش نظر ایمرجنسی نافذ کر دی ہے۔ ندی نالوں کی صفائی کا کام جاری ہے۔ ضلعی انتظامیہ نے بارشوں کے پیش نظر ایمرجنسی نافذ کر دی ہے۔ ندی نالوں کی صفائی کا کام جاری ہے۔ ضلعی انتظامیہ نے بارشوں کے پیش نظر ایمرجنسی نافذ کر دی ہے۔ ندی نالوں کی صفائی کا کام جاری ہے۔ ضلعی انتظامیہ نے بارشوں کے پیش نظر ایمرجنسی نافذ کر دی ہے۔ ندی نالوں کی صفائی کا کام جاری ہے۔
22
بقیہ
کھلاڑیوں نے شاندار کارکردگی کا مظاہرہ کیا۔ مہمان خصوصی نے انعامات تقسیم کیے۔ کھلاڑیوں نے شاندار کارکردگی کا مظاہرہ کیا۔ مہمان خصوصی نے انعامات تقسیم کیے۔ کھلاڑیوں نے شاندار کارکردگی کا مظاہرہ کیا۔ مہمان خصوصی نے انعامات تقسیم کیے۔ کھلاڑیوں نے شاندار کارکردگی کا مظاہرہ کیا۔ مہمان خصوصی نے انعامات تقسیم کیے۔ کھلاڑیوں نے شاندار کارکردگی کا مظاہرہ کیا۔ مہمان خصوصی نے انعامات تقسیم کیے۔ کھلاڑیوں نے شاندار کارکردگی کا مظاہرہ کیا۔ مہمان خصوصی نے انعامات تقسیم کیے۔
23
بقیہ
آزادی کا دن ہمیں ان قربانیوں کی یاد دلاتا ہے جو ہمارے آباؤ اجداد نے دیں۔ آزادی کا دن ہمیں ان قربانیوں کی یاد دلاتا ہے جو ہمارے آباؤ اجداد نے دیں۔ آزادی کا دن ہمیں ان قربانیوں کی یاد دلاتا ہے جو ہمارے آباؤ اجداد نے دیں۔ آزادی کا دن ہمیں ان قربانیوں کی یاد دلاتا ہے جو ہمارے آباؤ اجداد نے دیں۔ آزادی کا دن ہمیں ان قربانیوں کی یاد دلاتا ہے جو ہمارے آباؤ اجداد نے دیں۔ آزادی کا دن ہمیں ان قربانیوں کی یاد دلاتا ہے جو ہمارے آباؤ اجداد نے دیں۔
24
بقیہ
اجلاس میں مختلف امور پر تبادلہ خیال کیا گیا اور اہم فیصلے کیے گئے۔ اجلاس میں مختلف امور پر تبادلہ خیال کیا گیا اور اہم فیصلے کیے گئے۔ اجلاس میں مختلف امور پر تبادلہ خیال کیا گیا اور اہم فیصلے کیے گئے۔ اجلاس میں مختلف امور پر تبادلہ خیال کیا گیا اور اہم فیصلے کیے گئے۔ اجلاس میں مختلف امور پر تبادلہ خیال کیا گیا اور اہم فیصلے کیے گئے۔ اجلاس میں مختلف امور پر تبادلہ خیال کیا گیا اور اہم فیصلے کیے گئے۔
بجلی کی لوڈشیڈنگ کے خلاف شہریوں نے احتجاج کیا۔ 2012ء سے اب تک بجلی کے منصوبے مکمل نہیں ہو سکے۔ عوام نے مطالبہ کیا کہ لوڈشیڈنگ کا خاتمہ کیا جائے۔ بجلی کی لوڈشیڈنگ کے خلاف شہریوں نے احتجاج کیا۔ 2012ء سے اب تک بجلی کے منصوبے مکمل نہیں ہو سکے۔ عوام نے مطالبہ کیا کہ لوڈشیڈنگ کا خاتمہ کیا جائے۔ بجلی کی لوڈشیڈنگ کے خلاف شہریوں نے احتجاج کیا۔ 2012ء سے اب تک بجلی کے منصوبے مکمل نہیں ہو سکے۔ عوام نے مطالبہ کیا کہ لوڈشیڈنگ کا خاتمہ کیا جائے۔ بجلی کی لوڈشیڈنگ کے خلاف شہریوں نے احتجاج کیا۔ 2012ء سے اب تک بجلی کے منصوبے مکمل نہیں ہو سکے۔ عوام نے مطالبہ کیا کہ لوڈشیڈنگ کا خاتمہ کیا جائے۔ بجلی کی لوڈشیڈنگ کے خلاف شہریوں نے احتجاج کیا۔ 2012ء سے اب تک بجلی کے منصوبے مکمل نہیں ہو سکے۔ عوام نے مطالبہ کیا کہ لوڈشیڈنگ کا خاتمہ کیا جائے۔ بجلی کی لوڈشیڈنگ کے خلاف شہریوں نے احتجاج کیا۔ 2012ء سے اب تک بجلی کے منصوبے مکمل نہیں ہو سکے۔ عوام نے مطالبہ کیا کہ لوڈشیڈنگ کا خاتمہ کیا جائے۔
25
بقیہ
عدالت عالیہ نے حکم دیا کہ متعلقہ محکمہ رپورٹ پیش کرے۔ کیس کی اگلی سماعت پر تمام فریقین حاضر ہوں۔ عدالت عالیہ نے حکم دیا کہ متعلقہ محکمہ رپورٹ پیش کرے۔ کیس کی اگلی سماعت پر تمام فریقین حاضر ہوں۔ عدالت عالیہ نے حکم دیا کہ متعلقہ محکمہ رپورٹ پیش کرے۔ کیس کی اگلی سماعت پر تمام فریقین حاضر ہوں۔ عدالت عالیہ نے حکم دیا کہ متعلقہ محکمہ رپورٹ پیش کرے۔ کیس کی اگلی سماعت پر تمام فریقین حاضر ہوں۔ عدالت عالیہ نے حکم دیا کہ متعلقہ محکمہ رپورٹ پیش کرے۔ کیس کی اگلی سماعت پر تمام فریقین حاضر ہوں۔ عدالت عالیہ نے حکم دیا کہ متعلقہ محکمہ رپورٹ پیش کرے۔ کیس کی اگلی سماعت پر تمام فریقین حاضر ہوں۔
26
بقیہ
سیاسی جماعتوں کے رہنماؤں نے ملاقات کی اور آئندہ انتخابات کے حوالے سے مشاورت کی گئی۔ سیاسی جماعتوں کے رہنماؤں نے ملاقات کی اور آئندہ انتخابات کے حوالے سے مشاورت کی گئی۔ سیاسی جماعتوں کے رہنماؤں نے ملاقات کی اور آئندہ انتخابات کے حوالے سے مشاورت کی گئی۔ سیاسی جماعتوں کے رہنماؤں نے ملاقات کی اور آئندہ انتخابات کے حوالے سے مشاورت کی گئی۔ سیاسی جماعتوں کے رہنماؤں نے ملاقات کی اور آئندہ انتخابات کے حوالے سے مشاورت کی گئی۔ سیاسی جماعتوں کے رہنماؤں نے ملاقات کی اور آئندہ انتخابات کے حوالے سے مشاورت کی گئی۔
27
بقیہ
شہر میں صفائی ستھرائی کی صورتحال بہتر بنانے کے لیے مہم شروع کی گئی ہے۔ شہر میں صفائی ستھرائی کی صورتحال بہتر بنانے کے لیے مہم شروع کی گئی ہے۔ شہر میں صفائی ستھرائی کی صورتحال بہتر بنانے کے لیے مہم شروع کی گئی ہے۔ شہر میں صفائی ستھرائی کی صورتحال بہتر بنانے کے لیے مہم شروع کی گئی ہے۔ شہر میں صفائی ستھرائی کی صورتحال بہتر بنانے کے لیے مہم شروع کی گئی ہے۔ شہر میں صفائی ستھرائی کی صورتحال بہتر بنانے کے لیے مہم شروع کی گئی ہے۔
28
بقیہ
پی ٹی آئی کے 245 ارکان کے استعفے منظور کرنے کا معاملہ زیر غور ہے۔ پی ٹی آئی کے 245 ارکان کے استعفے منظور کرنے کا معاملہ زیر غور ہے۔ پی ٹی آئی کے 245 ارکان کے استعفے منظور کرنے کا معاملہ زیر غور ہے۔ پی ٹی آئی کے 245 ارکان کے استعفے منظور کرنے کا معاملہ زیر غور ہے۔ پی ٹی آئی کے 245 ارکان کے استعفے منظور کرنے کا معاملہ زیر غور ہے۔ پی ٹی آئی کے 245 ارکان کے استعفے منظور کرنے کا معاملہ زیر غور ہے۔
29
بقیہ
تحریک انصاف کے کارکنوں نے ریلی نکالی۔ تحریک انصاف کے کارکنوں نے ریلی نکالی۔ تحریک انصاف کے کارکنوں نے ریلی نکالی۔ تحریک انصاف کے کارکنوں نے ریلی نکالی۔ تحریک انصاف کے کارکنوں نے ریلی نکالی۔ تحریک انصاف کے کارکنوں نے ریلی نکالی۔
